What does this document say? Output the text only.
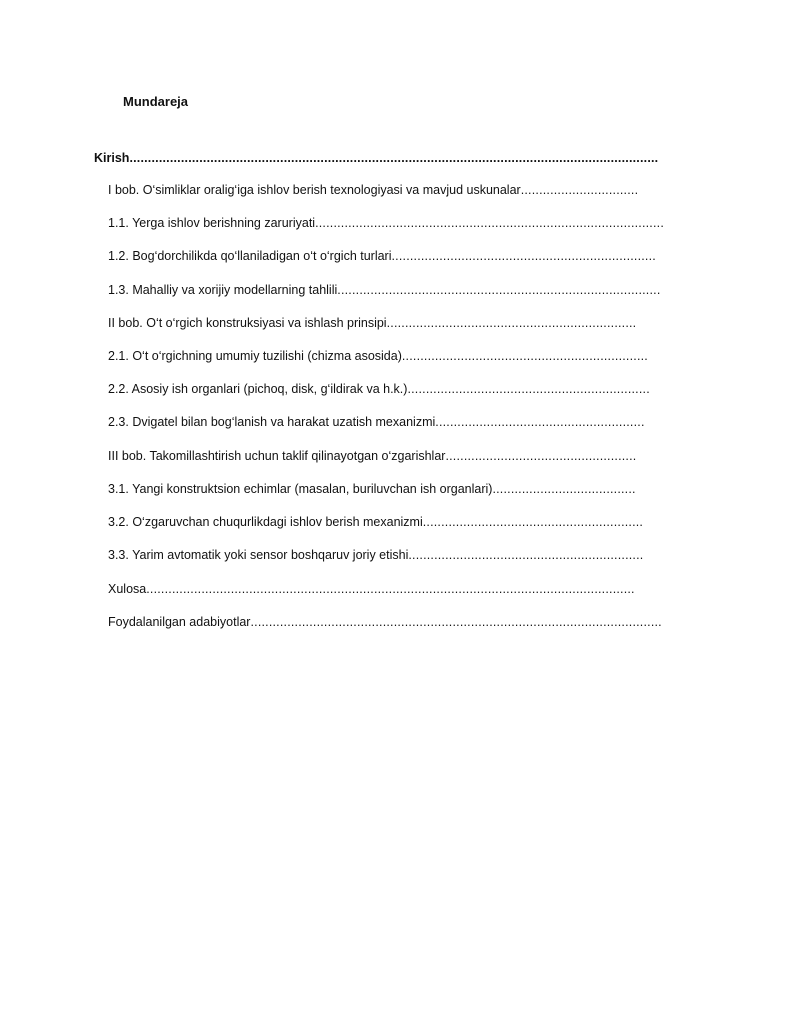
Mundareja
Kirish................................................................................................................................................
I bob. O‘simliklar oralig‘iga ishlov berish texnologiyasi va mavjud uskunalar................................
1.1. Yerga ishlov berishning zaruriyati...............................................................................................
1.2. Bog‘dorchilikda qo‘llaniladigan o‘t o‘rgich turlari........................................................................
1.3. Mahalliy va xorijiy modellarning tahlili........................................................................................
II bob. O‘t o‘rgich konstruksiyasi va ishlash prinsipi....................................................................
2.1. O‘t o‘rgichning umumiy tuzilishi (chizma asosida)...................................................................
2.2. Asosiy ish organlari (pichoq, disk, g‘ildirak va h.k.)..................................................................
2.3. Dvigatel bilan bog‘lanish va harakat uzatish mexanizmi.........................................................
III bob. Takomillashtirish uchun taklif qilinayotgan o‘zgarishlar....................................................
3.1. Yangi konstruktsion echimlar (masalan, buriluvchan ish organlari).......................................
3.2. O‘zgaruvchan chuqurlikdagi ishlov berish mexanizmi............................................................
3.3. Yarim avtomatik yoki sensor boshqaruv joriy etishi................................................................
Xulosa.....................................................................................................................................
Foydalanilgan adabiyotlar................................................................................................................
